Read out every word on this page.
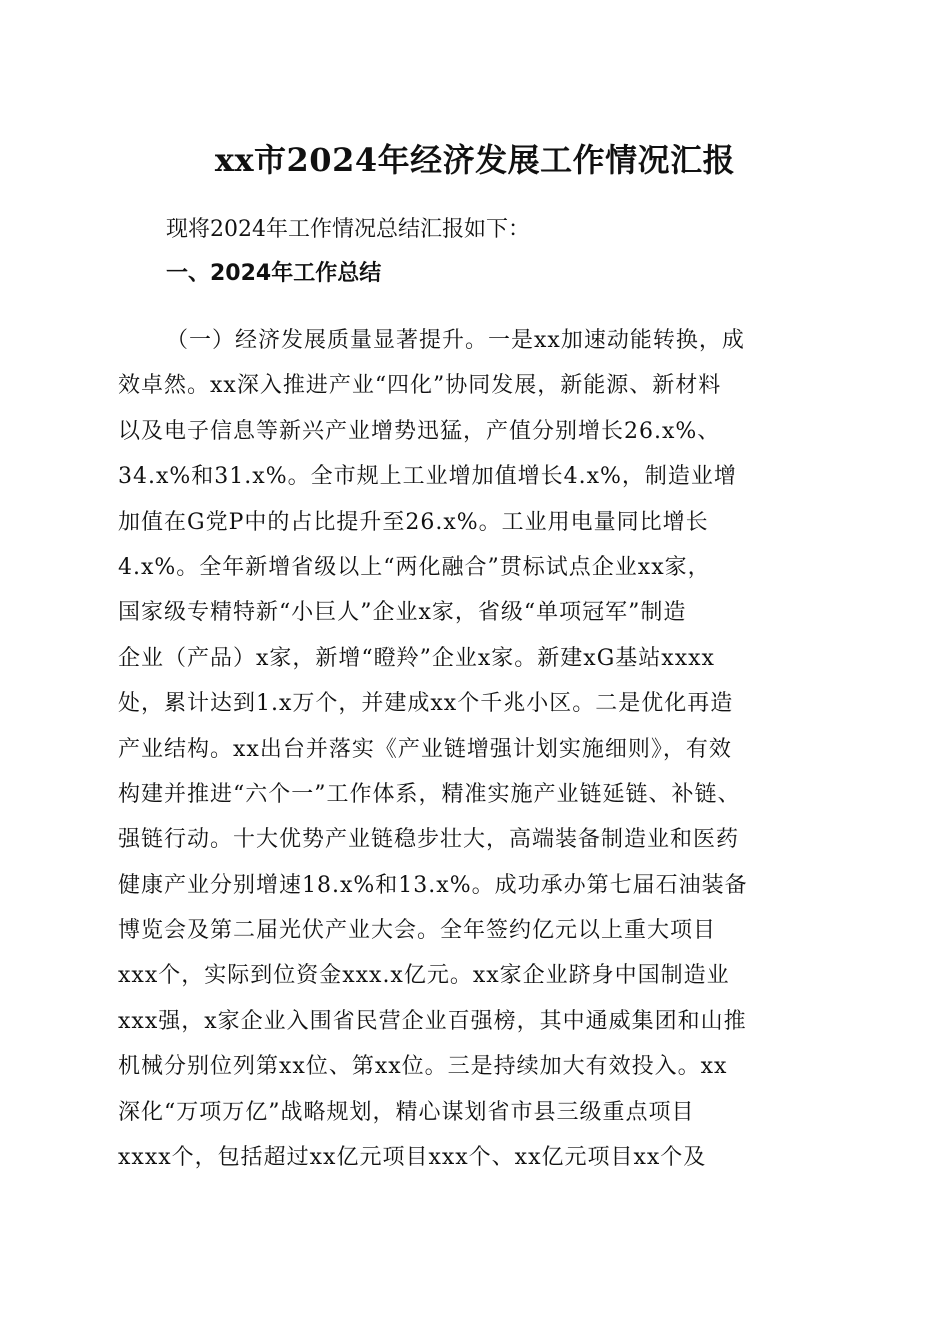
xx市2024年经济发展工作情况汇报

现将2024年工作情况总结汇报如下：

一、2024年工作总结
（一）经济发展质量显著提升。一是xx加速动能转换，成
效卓然。xx深入推进产业“四化”协同发展，新能源、新材料
以及电子信息等新兴产业增势迅猛，产值分别增长26.x%、
34.x%和31.x%。全市规上工业增加值增长4.x%，制造业增
加值在G党P中的占比提升至26.x%。工业用电量同比增长
4.x%。全年新增省级以上“两化融合”贯标试点企业xx家，
国家级专精特新“小巨人”企业x家，省级“单项冠军”制造
企业（产品）x家，新增“瞪羚”企业x家。新建xG基站xxxx
处，累计达到1.x万个，并建成xx个千兆小区。二是优化再造
产业结构。xx出台并落实《产业链增强计划实施细则》，有效
构建并推进“六个一”工作体系，精准实施产业链延链、补链、
强链行动。十大优势产业链稳步壮大，高端装备制造业和医药
健康产业分别增速18.x%和13.x%。成功承办第七届石油装备
博览会及第二届光伏产业大会。全年签约亿元以上重大项目
xxx个，实际到位资金xxx.x亿元。xx家企业跻身中国制造业
xxx强，x家企业入围省民营企业百强榜，其中通威集团和山推
机械分别位列第xx位、第xx位。三是持续加大有效投入。xx
深化“万项万亿”战略规划，精心谋划省市县三级重点项目
xxxx个，包括超过xx亿元项目xxx个、xx亿元项目xx个及
